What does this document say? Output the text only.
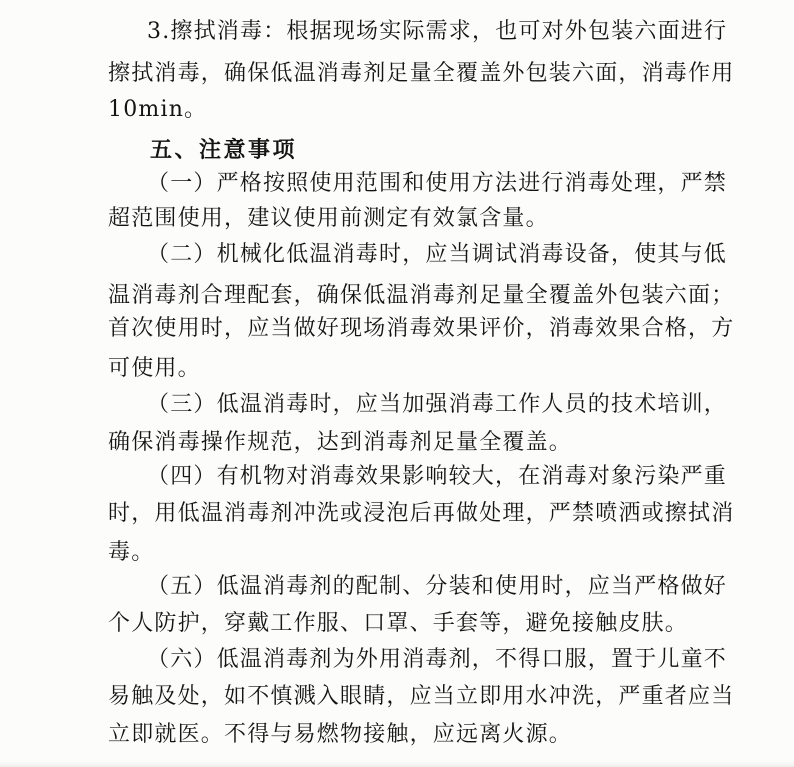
3.擦拭消毒：根据现场实际需求，也可对外包装六面进行
擦拭消毒，确保低温消毒剂足量全覆盖外包装六面，消毒作用
10min。
五、注意事项
（一）严格按照使用范围和使用方法进行消毒处理，严禁
超范围使用，建议使用前测定有效氯含量。
（二）机械化低温消毒时，应当调试消毒设备，使其与低
温消毒剂合理配套，确保低温消毒剂足量全覆盖外包装六面；
首次使用时，应当做好现场消毒效果评价，消毒效果合格，方
可使用。
（三）低温消毒时，应当加强消毒工作人员的技术培训，
确保消毒操作规范，达到消毒剂足量全覆盖。
（四）有机物对消毒效果影响较大，在消毒对象污染严重
时，用低温消毒剂冲洗或浸泡后再做处理，严禁喷洒或擦拭消
毒。
（五）低温消毒剂的配制、分装和使用时，应当严格做好
个人防护，穿戴工作服、口罩、手套等，避免接触皮肤。
（六）低温消毒剂为外用消毒剂，不得口服，置于儿童不
易触及处，如不慎溅入眼睛，应当立即用水冲洗，严重者应当
立即就医。不得与易燃物接触，应远离火源。
